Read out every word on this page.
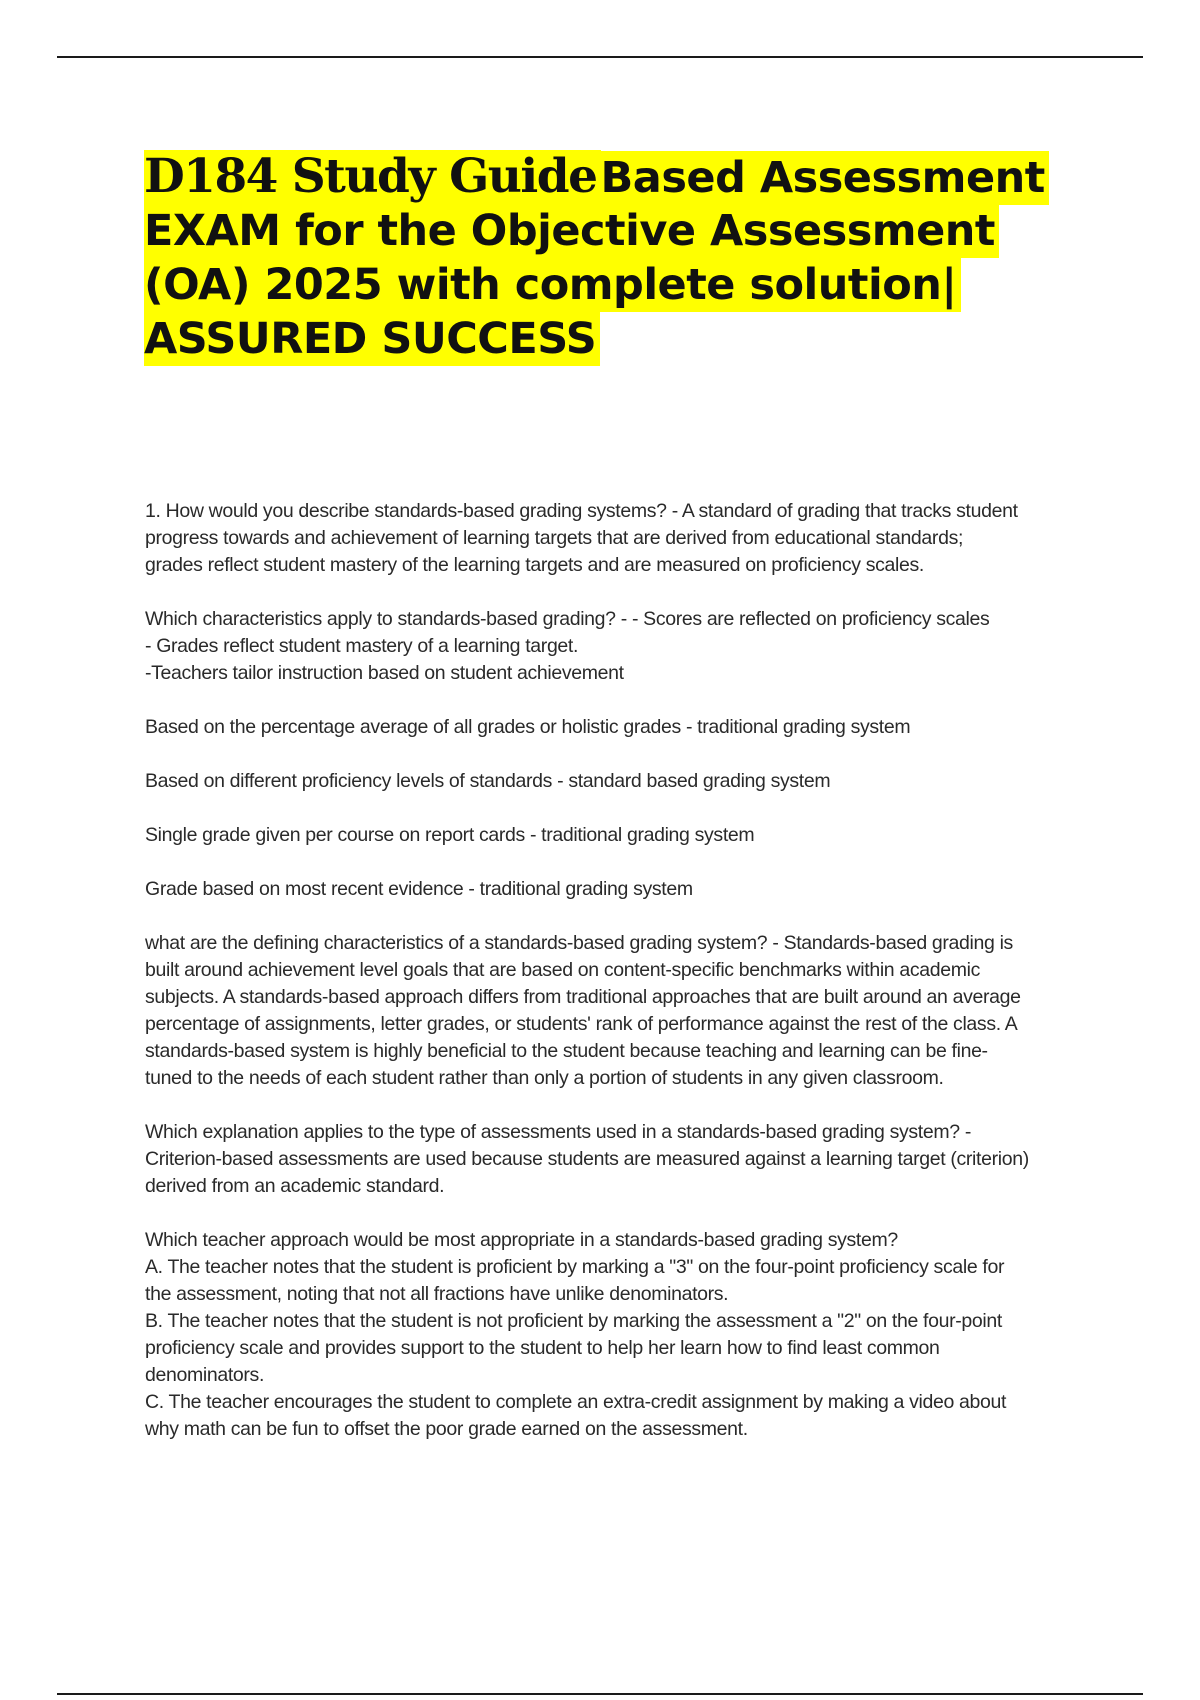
D184 Study GuideBased Assessment
EXAM for the Objective Assessment
(OA) 2025 with complete solution|
ASSURED SUCCESS
1. How would you describe standards-based grading systems? - A standard of grading that tracks student
progress towards and achievement of learning targets that are derived from educational standards;
grades reflect student mastery of the learning targets and are measured on proficiency scales.
Which characteristics apply to standards-based grading? - - Scores are reflected on proficiency scales
- Grades reflect student mastery of a learning target.
-Teachers tailor instruction based on student achievement
Based on the percentage average of all grades or holistic grades - traditional grading system
Based on different proficiency levels of standards - standard based grading system
Single grade given per course on report cards - traditional grading system
Grade based on most recent evidence - traditional grading system
what are the defining characteristics of a standards-based grading system? - Standards-based grading is
built around achievement level goals that are based on content-specific benchmarks within academic
subjects. A standards-based approach differs from traditional approaches that are built around an average
percentage of assignments, letter grades, or students' rank of performance against the rest of the class. A
standards-based system is highly beneficial to the student because teaching and learning can be fine-
tuned to the needs of each student rather than only a portion of students in any given classroom.
Which explanation applies to the type of assessments used in a standards-based grading system? -
Criterion-based assessments are used because students are measured against a learning target (criterion)
derived from an academic standard.
Which teacher approach would be most appropriate in a standards-based grading system?
A. The teacher notes that the student is proficient by marking a "3" on the four-point proficiency scale for
the assessment, noting that not all fractions have unlike denominators.
B. The teacher notes that the student is not proficient by marking the assessment a "2" on the four-point
proficiency scale and provides support to the student to help her learn how to find least common
denominators.
C. The teacher encourages the student to complete an extra-credit assignment by making a video about
why math can be fun to offset the poor grade earned on the assessment.
